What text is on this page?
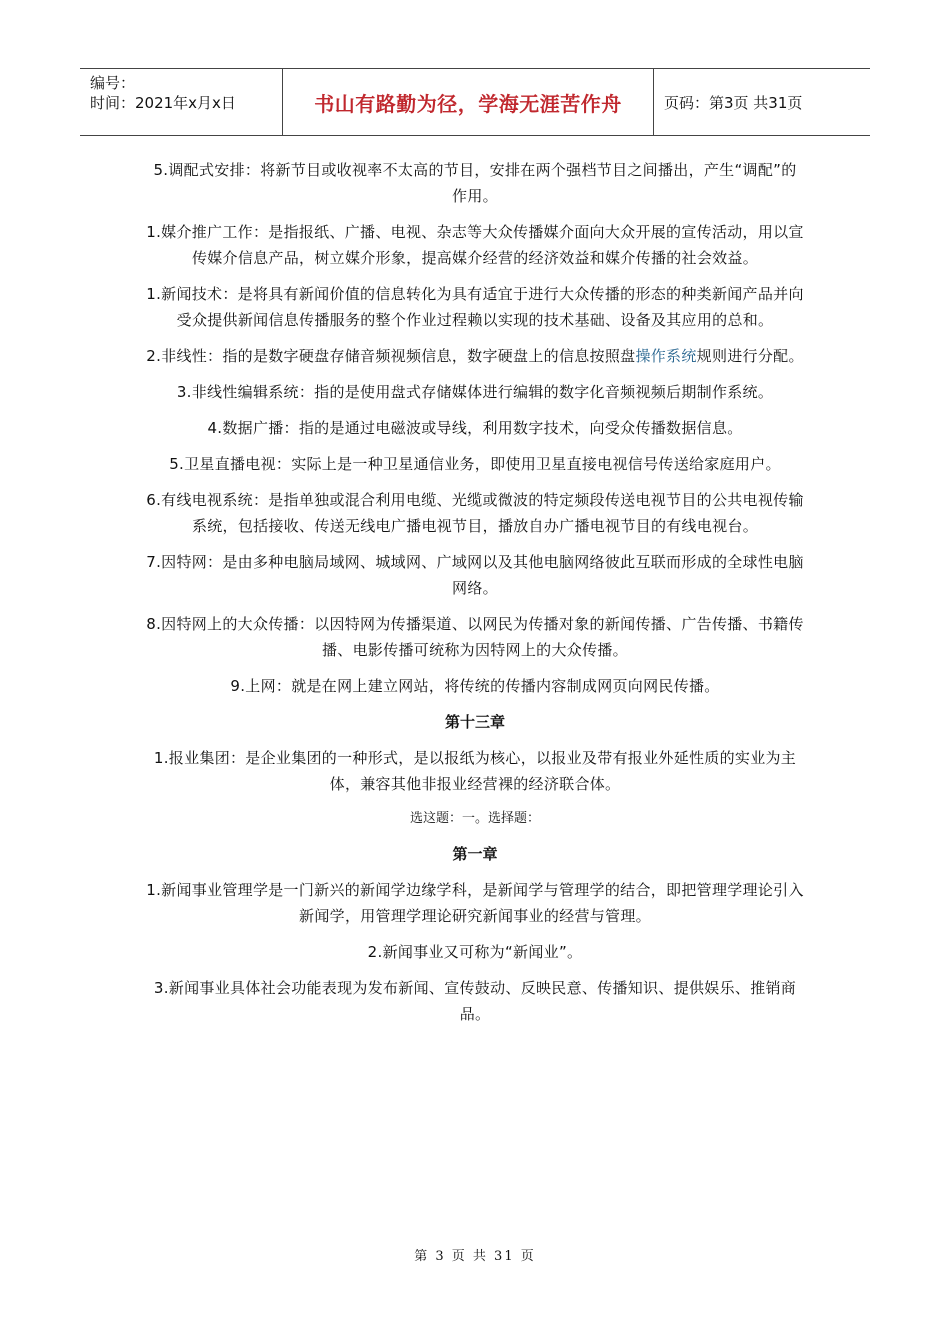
编号：
时间：2021年x月x日	书山有路勤为径，学海无涯苦作舟	页码：第3页 共31页

5.调配式安排：将新节目或收视率不太高的节目，安排在两个强档节目之间播出，产生“调配”的作用。

1.媒介推广工作：是指报纸、广播、电视、杂志等大众传播媒介面向大众开展的宣传活动，用以宣传媒介信息产品，树立媒介形象，提高媒介经营的经济效益和媒介传播的社会效益。

1.新闻技术：是将具有新闻价值的信息转化为具有适宜于进行大众传播的形态的种类新闻产品并向受众提供新闻信息传播服务的整个作业过程赖以实现的技术基础、设备及其应用的总和。

2.非线性：指的是数字硬盘存储音频视频信息，数字硬盘上的信息按照盘操作系统规则进行分配。

3.非线性编辑系统：指的是使用盘式存储媒体进行编辑的数字化音频视频后期制作系统。

4.数据广播：指的是通过电磁波或导线，利用数字技术，向受众传播数据信息。

5.卫星直播电视：实际上是一种卫星通信业务，即使用卫星直接电视信号传送给家庭用户。

6.有线电视系统：是指单独或混合利用电缆、光缆或微波的特定频段传送电视节目的公共电视传输系统，包括接收、传送无线电广播电视节目，播放自办广播电视节目的有线电视台。

7.因特网：是由多种电脑局域网、城域网、广域网以及其他电脑网络彼此互联而形成的全球性电脑网络。

8.因特网上的大众传播：以因特网为传播渠道、以网民为传播对象的新闻传播、广告传播、书籍传播、电影传播可统称为因特网上的大众传播。

9.上网：就是在网上建立网站，将传统的传播内容制成网页向网民传播。

第十三章

1.报业集团：是企业集团的一种形式，是以报纸为核心，以报业及带有报业外延性质的实业为主体，兼容其他非报业经营裸的经济联合体。

选这题：一。选择题：
第一章

1.新闻事业管理学是一门新兴的新闻学边缘学科，是新闻学与管理学的结合，即把管理学理论引入新闻学，用管理学理论研究新闻事业的经营与管理。

2.新闻事业又可称为“新闻业”。

3.新闻事业具体社会功能表现为发布新闻、宣传鼓动、反映民意、传播知识、提供娱乐、推销商品。

第 3 页 共 31 页
